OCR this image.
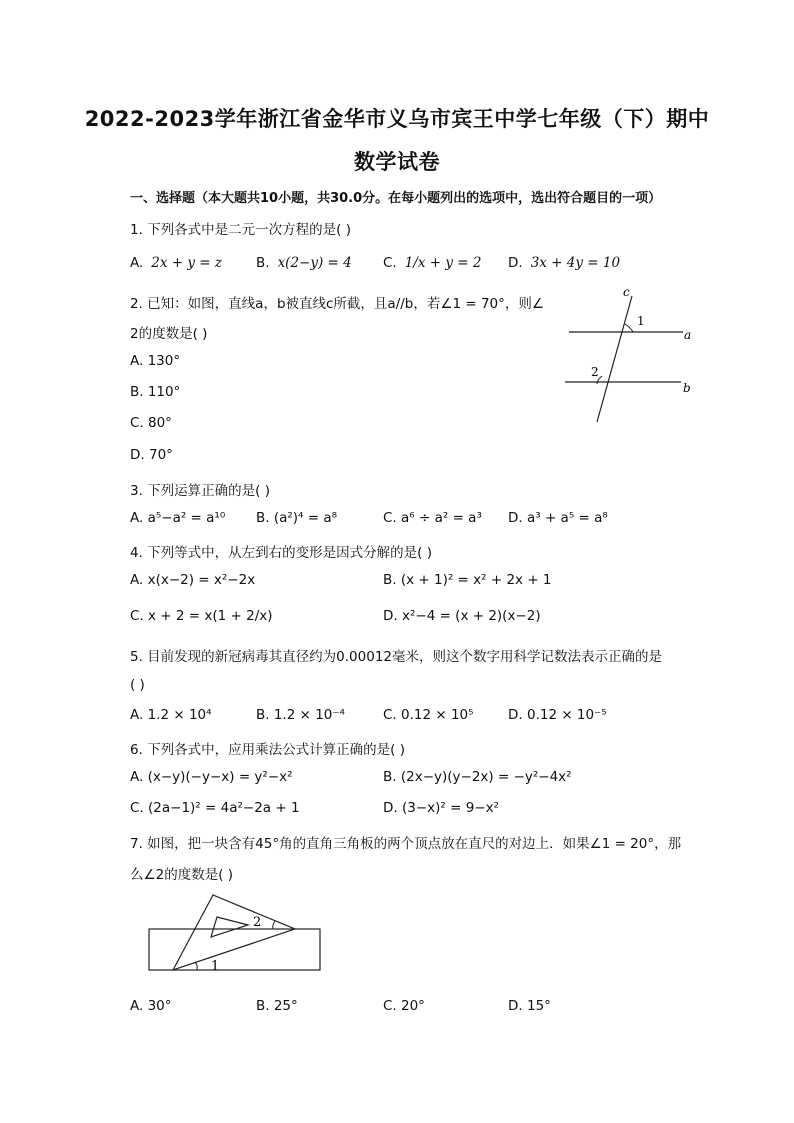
2022-2023学年浙江省金华市义乌市宾王中学七年级（下）期中
数学试卷
一、选择题（本大题共10小题，共30.0分。在每小题列出的选项中，选出符合题目的一项）
1. 下列各式中是二元一次方程的是( )
A. 2x + y = z	B. x(2−y) = 4 C. 1/x + y = 2 D. 3x + 4y = 10
2. 已知：如图，直线a，b被直线c所截，且a//b，若∠1 = 70°，则∠
2的度数是( )
A. 130°
B. 110°
C. 80°
D. 70°
c
1
a
2
b
3. 下列运算正确的是( )
A. a⁵−a² = a¹⁰ B. (a²)⁴ = a⁸	C. a⁶ ÷ a² = a³ D. a³ + a⁵ = a⁸
4. 下列等式中，从左到右的变形是因式分解的是( )
A. x(x−2) = x²−2x	B. (x + 1)² = x² + 2x + 1
C. x + 2 = x(1 + 2/x)	D. x²−4 = (x + 2)(x−2)
5. 目前发现的新冠病毒其直径约为0.00012毫米，则这个数字用科学记数法表示正确的是
( )
A. 1.2 × 10⁴	B. 1.2 × 10⁻⁴	C. 0.12 × 10⁵	D. 0.12 × 10⁻⁵
6. 下列各式中，应用乘法公式计算正确的是( )
A. (x−y)(−y−x) = y²−x²	B. (2x−y)(y−2x) = −y²−4x²
C. (2a−1)² = 4a²−2a + 1	D. (3−x)² = 9−x²
7. 如图，把一块含有45°角的直角三角板的两个顶点放在直尺的对边上．如果∠1 = 20°，那
么∠2的度数是( )
2
1
A. 30°	B. 25°	C. 20°	D. 15°
